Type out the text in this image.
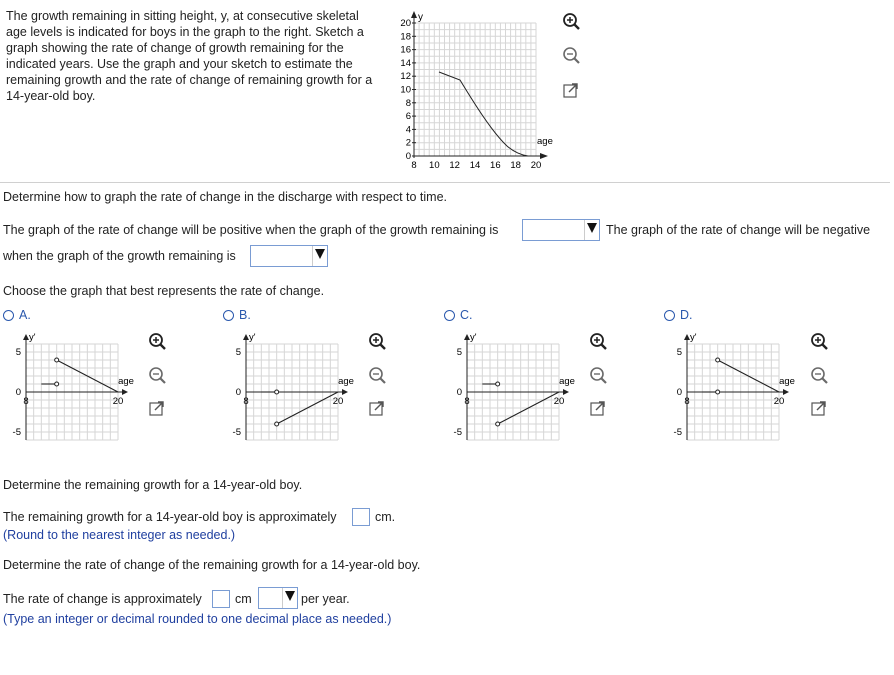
The growth remaining in sitting height, y, at consecutive skeletal
age levels is indicated for boys in the graph to the right. Sketch a
graph showing the rate of change of growth remaining for the
indicated years. Use the graph and your sketch to estimate the
remaining growth and the rate of change of remaining growth for a
14-year-old boy.
y
age
20
18
16
14
12
10
8
6
4
2
0
8 10 12 14 16 18 20
Determine how to graph the rate of change in the discharge with respect to time.
The graph of the rate of change will be positive when the graph of the growth remaining is	The graph of the rate of change will be negative
when the graph of the growth remaining is
Choose the graph that best represents the rate of change.
A.
y'
5
0
-5
8	20
age
B.
y'
5
0
-5
8	20
age
C.
y'
5
0
-5
8	20
age
D.
y'
5
0
-5
8	20
age
Determine the remaining growth for a 14-year-old boy.
The remaining growth for a 14-year-old boy is approximately	cm.
(Round to the nearest integer as needed.)
Determine the rate of change of the remaining growth for a 14-year-old boy.
The rate of change is approximately	cm	per year.
(Type an integer or decimal rounded to one decimal place as needed.)
